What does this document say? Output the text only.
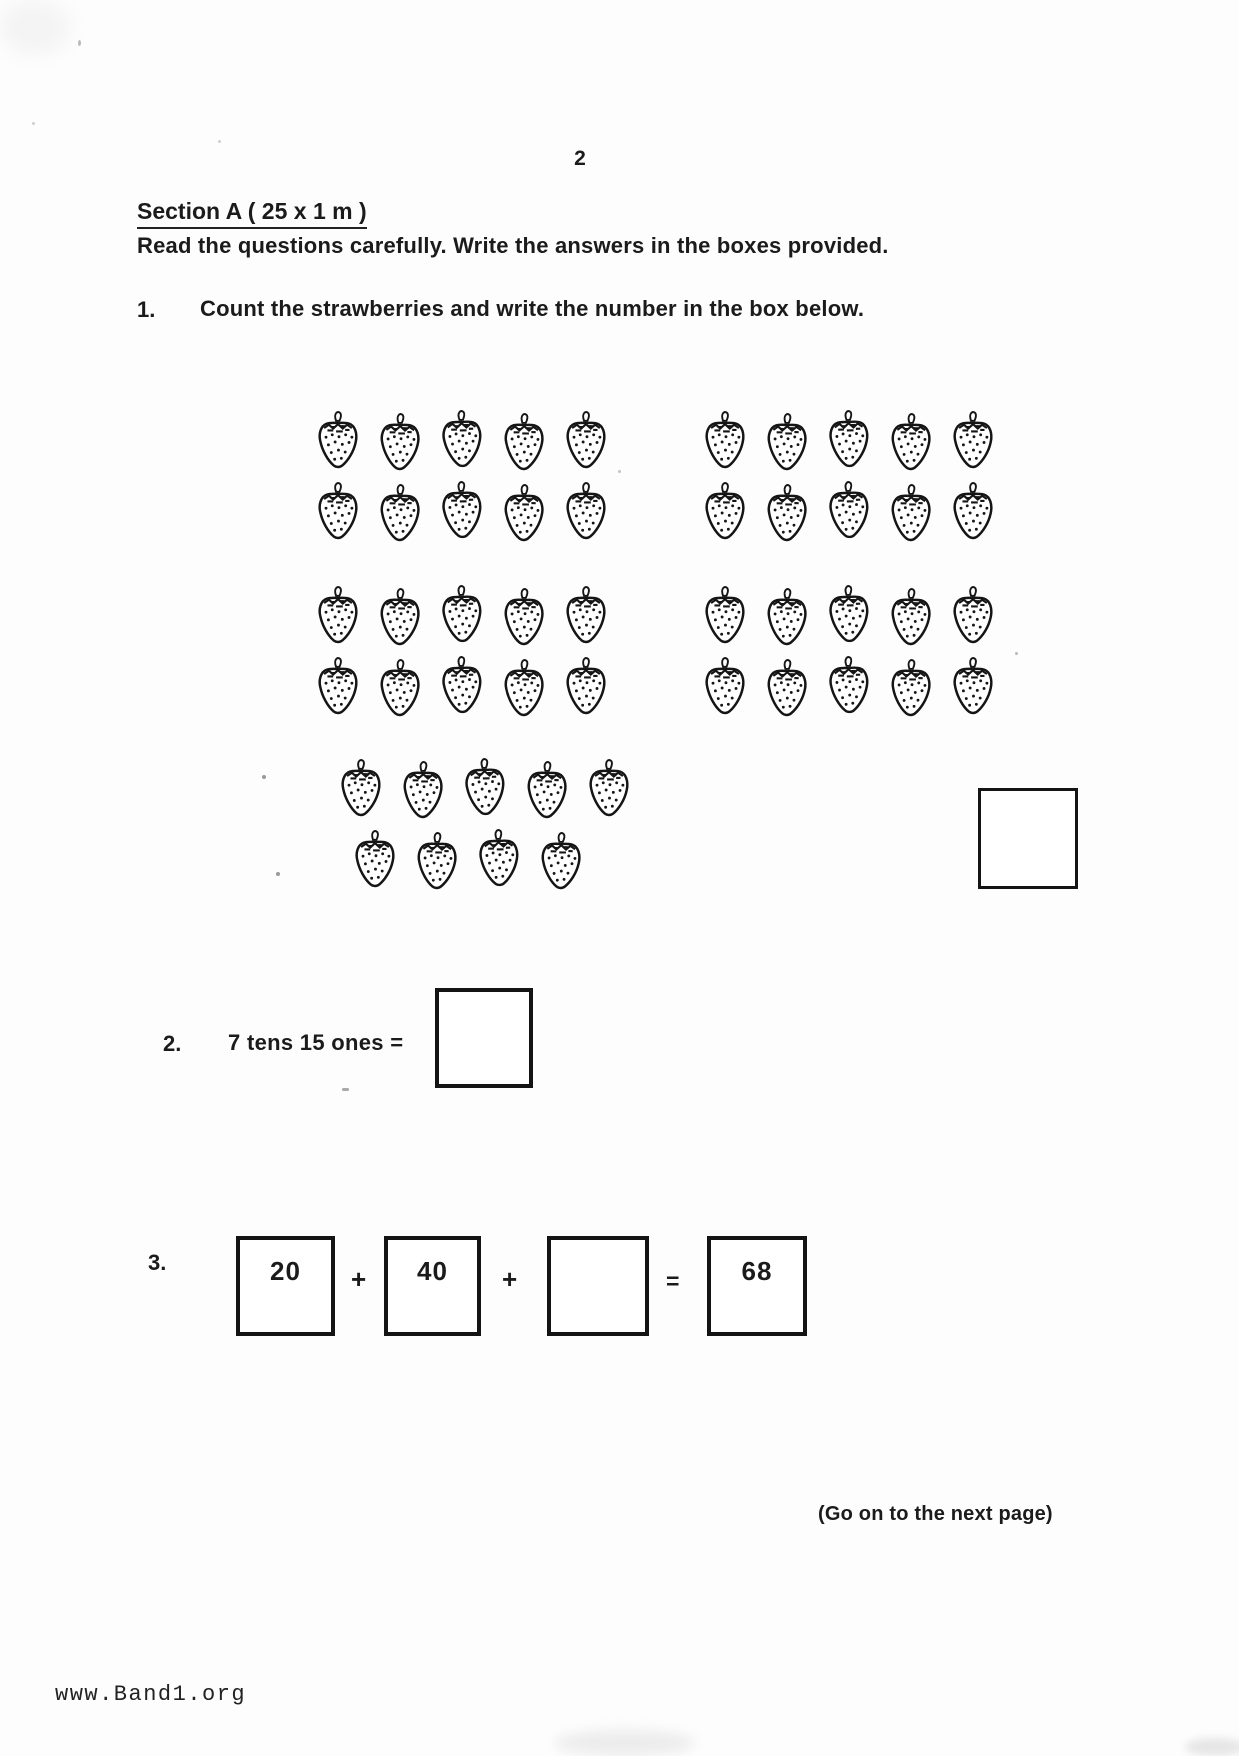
2
Section A ( 25 x 1 m )
Read the questions carefully. Write the answers in the boxes provided.
1. Count the strawberries and write the number in the box below.
2. 7 tens 15 ones =
3.	20 + 40 +	= 68
(Go on to the next page)
www.Band1.org
